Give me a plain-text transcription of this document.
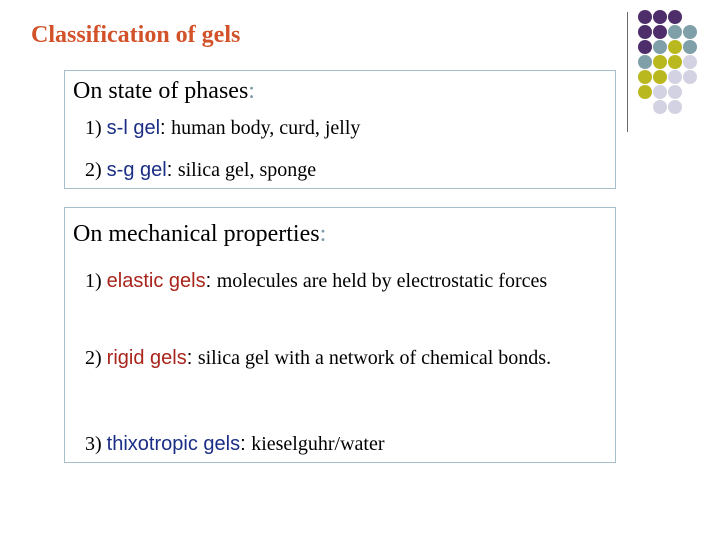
Classification of gels
On state of phases:
1) s-l gel: human body, curd, jelly
2) s-g gel: silica gel, sponge
On mechanical properties:
1) elastic gels: molecules are held by electrostatic forces
2) rigid gels: silica gel with a network of chemical bonds.
3) thixotropic gels: kieselguhr/water
